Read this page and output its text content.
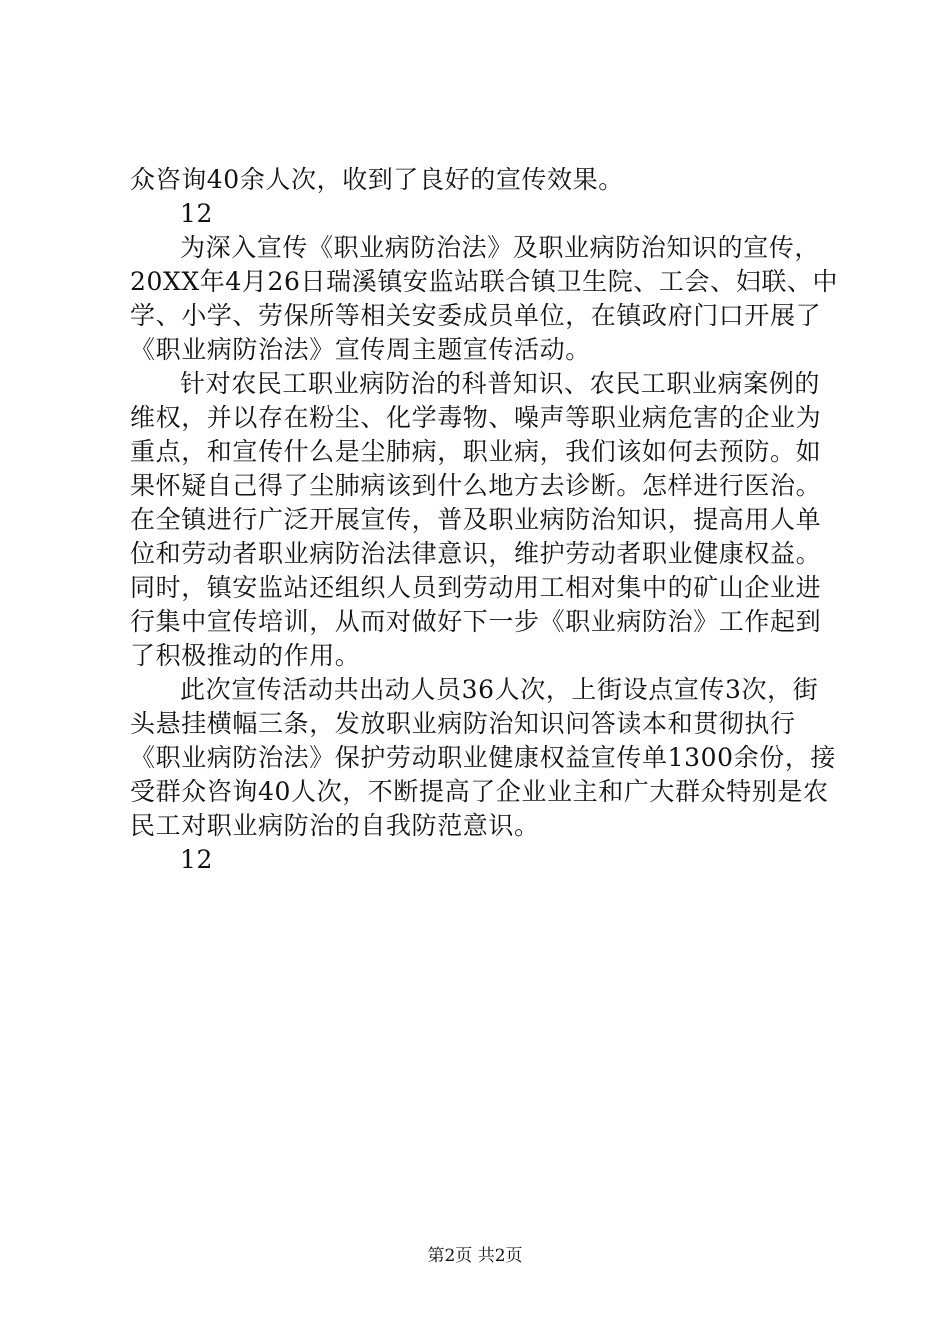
众咨询40余人次，收到了良好的宣传效果。
12
为深入宣传《职业病防治法》及职业病防治知识的宣传，
20XX年4月26日瑞溪镇安监站联合镇卫生院、工会、妇联、中
学、小学、劳保所等相关安委成员单位，在镇政府门口开展了
《职业病防治法》宣传周主题宣传活动。
针对农民工职业病防治的科普知识、农民工职业病案例的
维权，并以存在粉尘、化学毒物、噪声等职业病危害的企业为
重点，和宣传什么是尘肺病，职业病，我们该如何去预防。如
果怀疑自己得了尘肺病该到什么地方去诊断。怎样进行医治。
在全镇进行广泛开展宣传，普及职业病防治知识，提高用人单
位和劳动者职业病防治法律意识，维护劳动者职业健康权益。
同时，镇安监站还组织人员到劳动用工相对集中的矿山企业进
行集中宣传培训，从而对做好下一步《职业病防治》工作起到
了积极推动的作用。
此次宣传活动共出动人员36人次，上街设点宣传3次，街
头悬挂横幅三条，发放职业病防治知识问答读本和贯彻执行
《职业病防治法》保护劳动职业健康权益宣传单1300余份，接
受群众咨询40人次，不断提高了企业业主和广大群众特别是农
民工对职业病防治的自我防范意识。
12
第2页 共2页
